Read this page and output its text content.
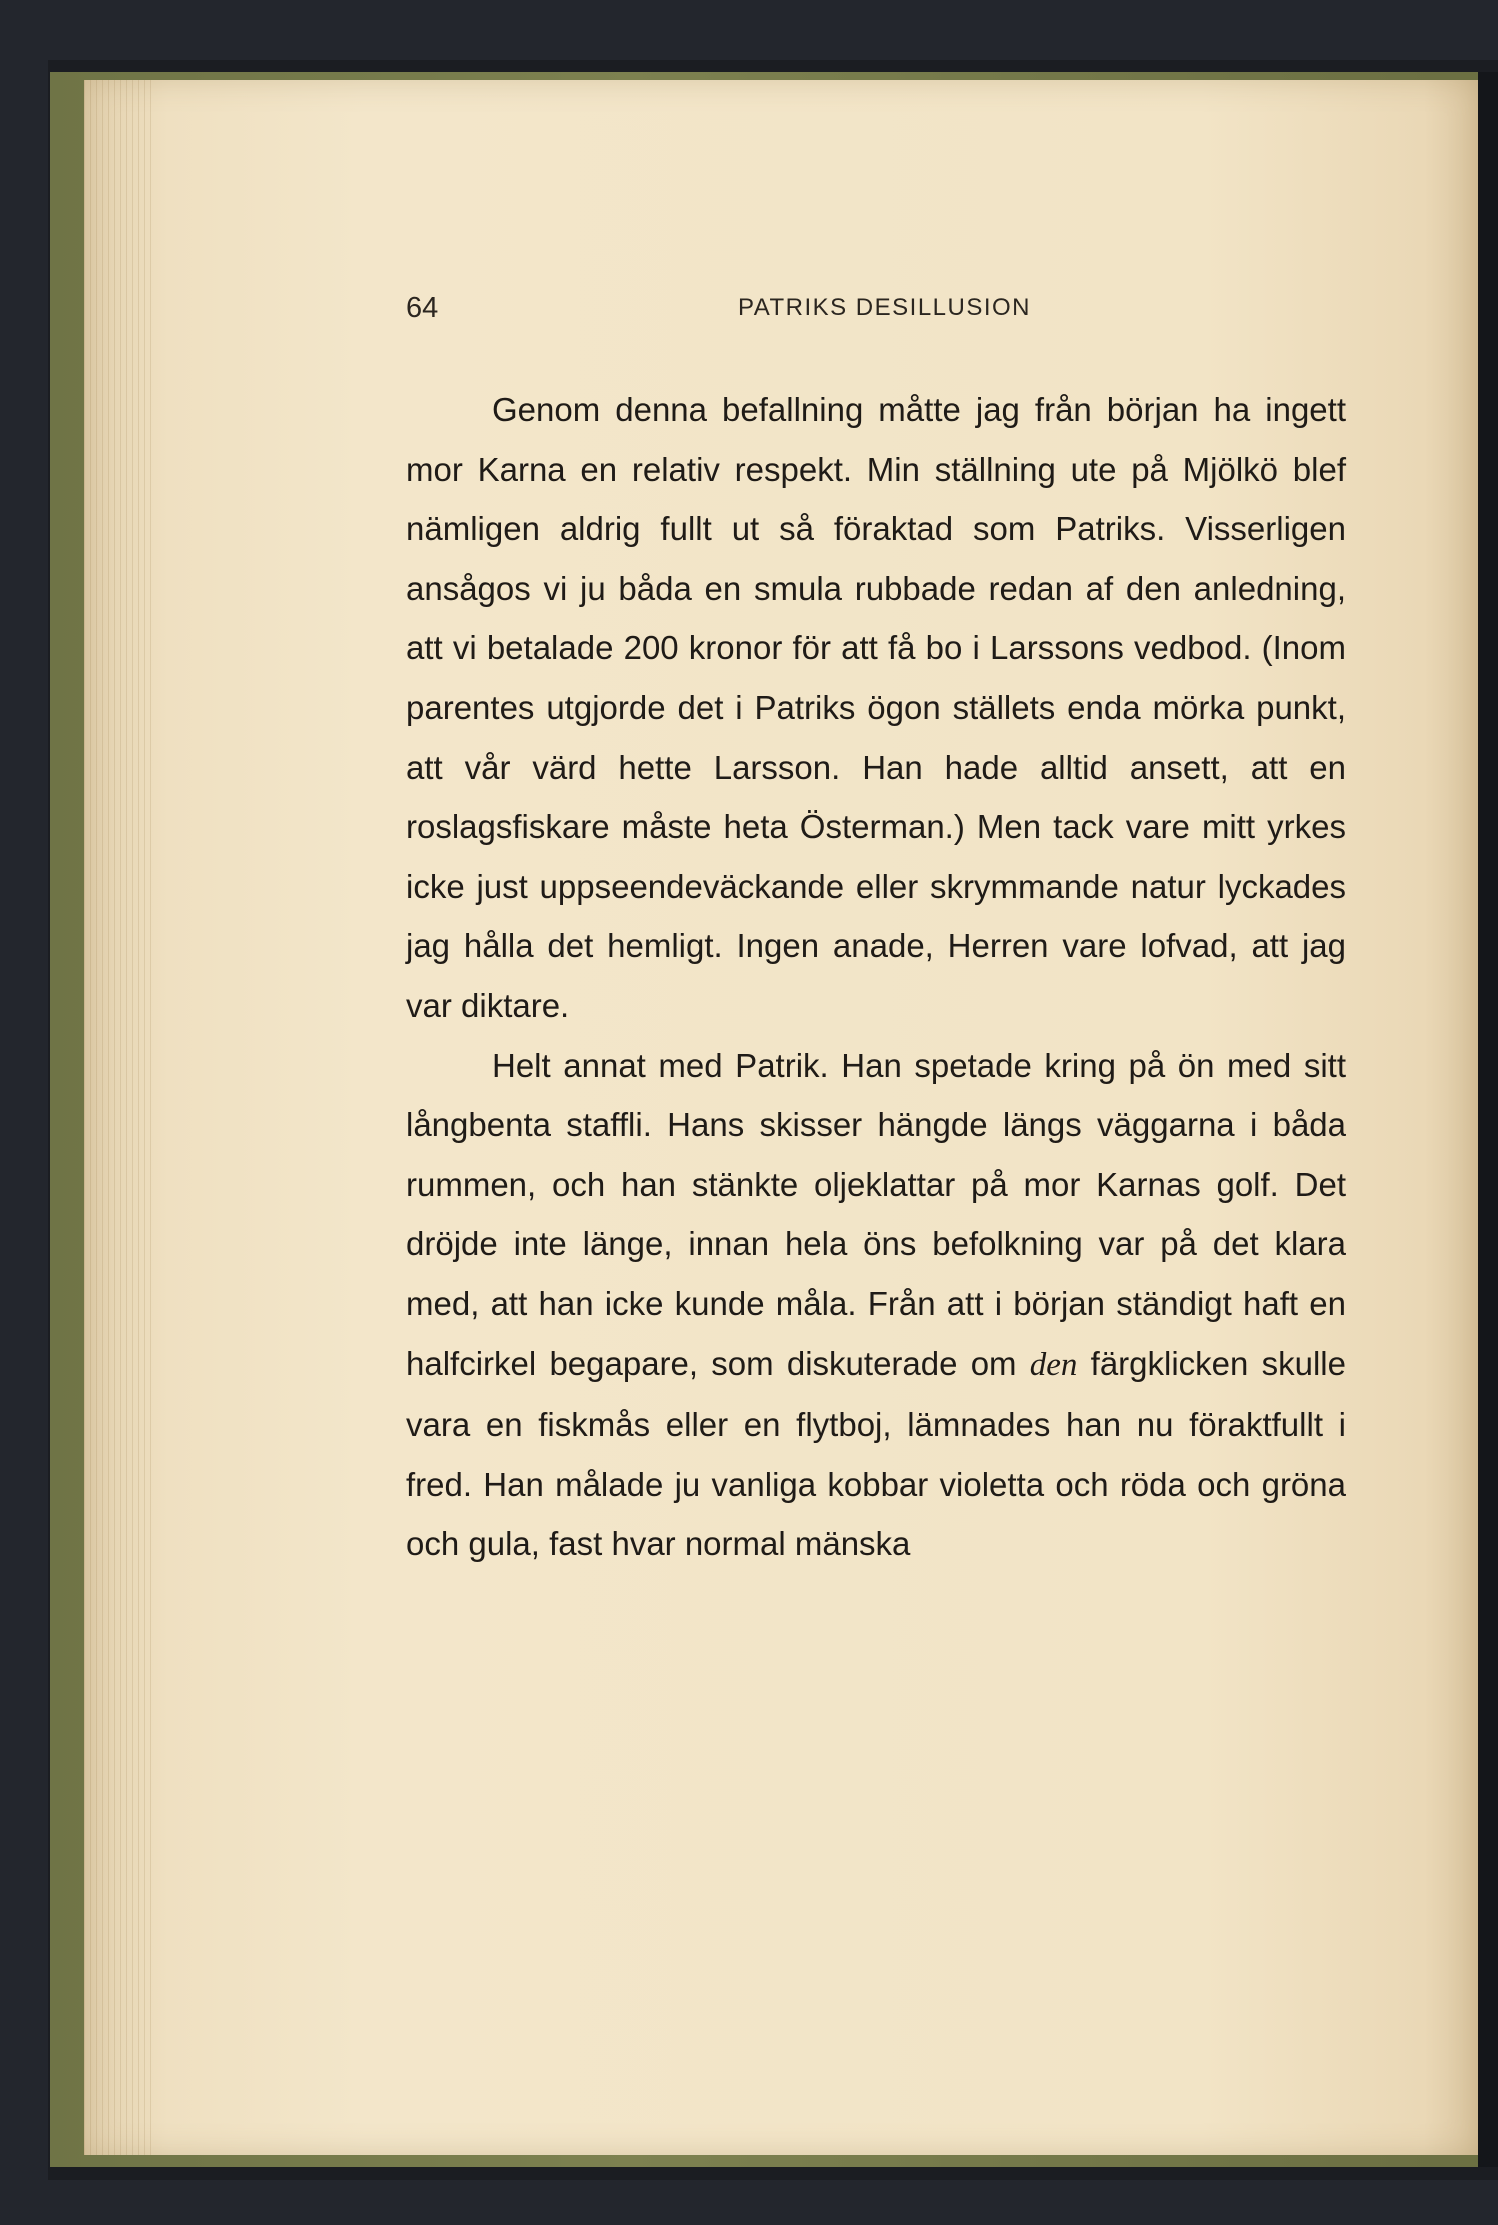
64	PATRIKS DESILLUSION

Genom denna befallning måtte jag från början ha ingett mor Karna en relativ respekt. Min ställning ute på Mjölkö blef nämligen aldrig fullt ut så föraktad som Patriks. Visserligen ansågos vi ju båda en smula rubbade redan af den anledning, att vi betalade 200 kronor för att få bo i Larssons vedbod. (Inom parentes utgjorde det i Patriks ögon ställets enda mörka punkt, att vår värd hette Larsson. Han hade alltid ansett, att en roslagsfiskare måste heta Österman.) Men tack vare mitt yrkes icke just uppseendeväckande eller skrymmande natur lyckades jag hålla det hemligt. Ingen anade, Herren vare lofvad, att jag var diktare.

Helt annat med Patrik. Han spetade kring på ön med sitt långbenta staffli. Hans skisser hängde längs väggarna i båda rummen, och han stänkte oljeklattar på mor Karnas golf. Det dröjde inte länge, innan hela öns befolkning var på det klara med, att han icke kunde måla. Från att i början ständigt haft en halfcirkel begapare, som diskuterade om den färgklicken skulle vara en fiskmås eller en flytboj, lämnades han nu föraktfullt i fred. Han målade ju vanliga kobbar violetta och röda och gröna och gula, fast hvar normal mänska
